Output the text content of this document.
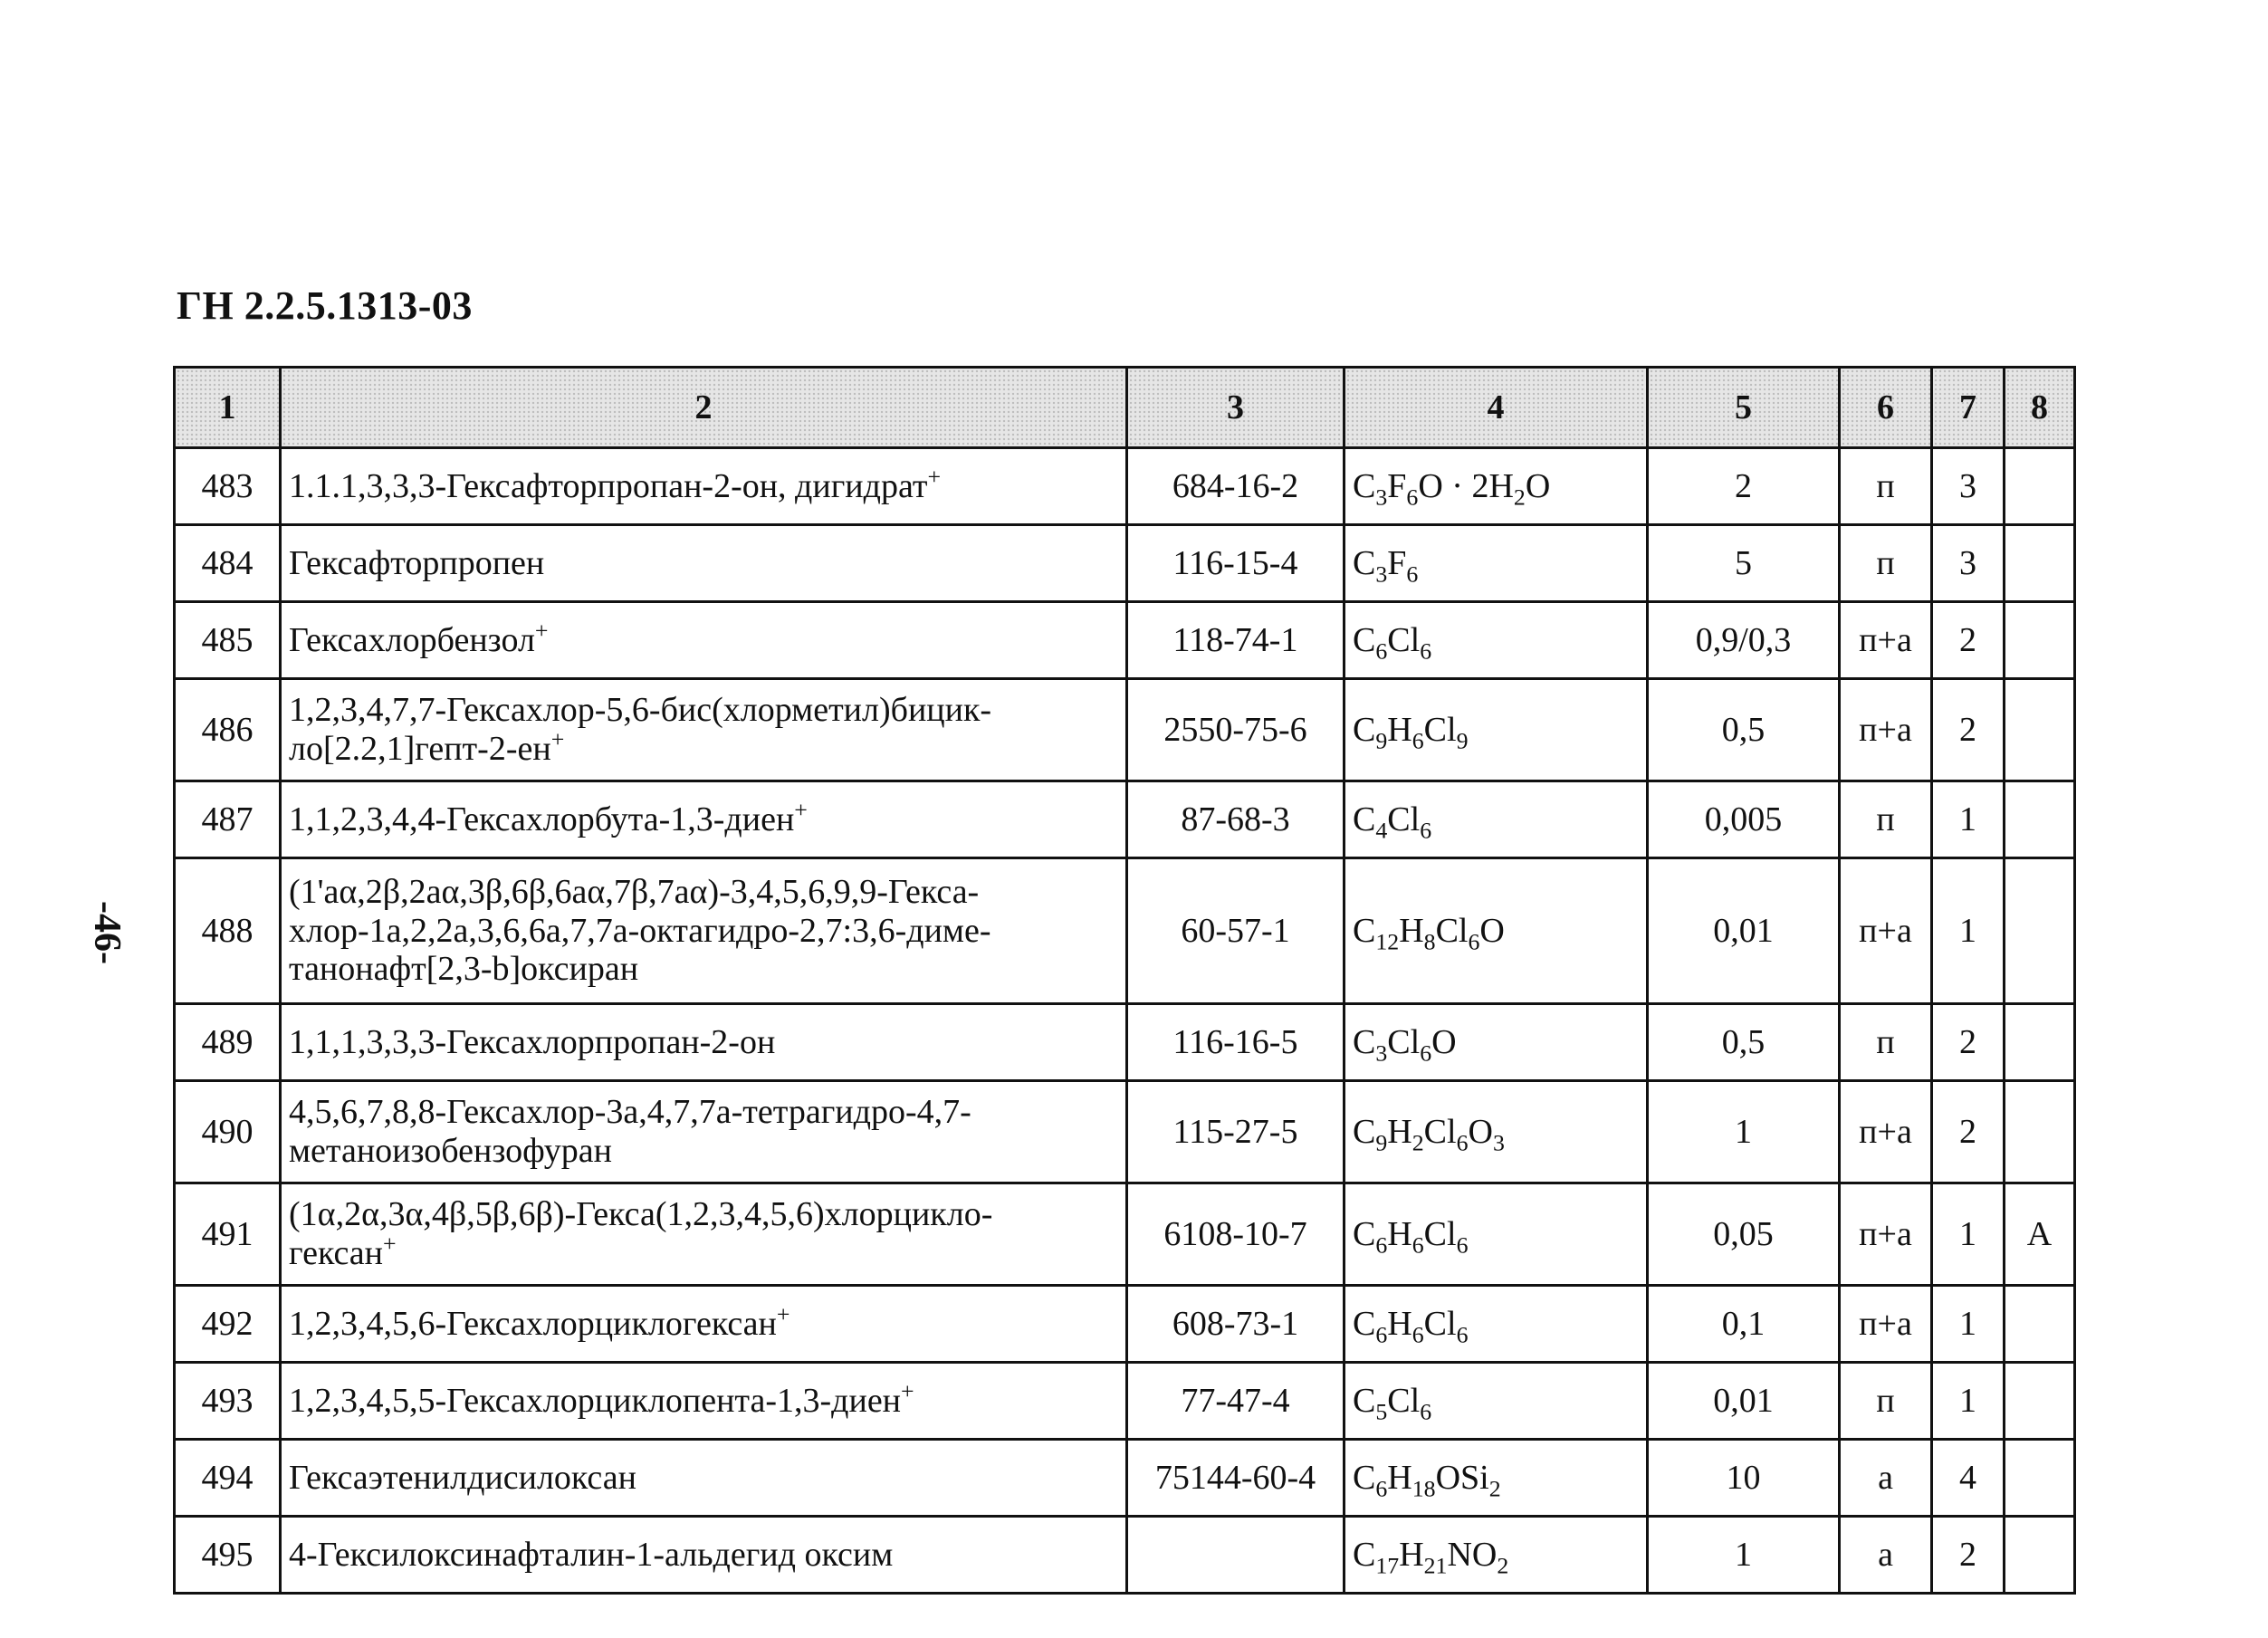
ГН 2.2.5.1313-03
-46-
1	2	3	4	5	6	7	8
483	1.1.1,3,3,3-Гексафторпропан-2-он, дигидрат+	684-16-2	$C_3F_6O \cdot 2H_2O$	2	п	3	
484	Гексафторпропен	116-15-4	$C_3F_6$	5	п	3	
485	Гексахлорбензол+	118-74-1	$C_6Cl_6$	0,9/0,3	п+а	2	
486	1,2,3,4,7,7-Гексахлор-5,6-бис(хлорметил)бицик-
ло[2.2,1]гепт-2-ен+	2550-75-6	$C_9H_6Cl_9$	0,5	п+а	2	
487	1,1,2,3,4,4-Гексахлорбута-1,3-диен+	87-68-3	$C_4Cl_6$	0,005	п	1	
488	(1'аα,2β,2аα,3β,6β,6аα,7β,7аα)-3,4,5,6,9,9-Гекса-
хлор-1а,2,2а,3,6,6а,7,7а-октагидро-2,7:3,6-диме-
танонафт[2,3-b]оксиран	60-57-1	$C_{12}H_8Cl_6O$	0,01	п+а	1	
489	1,1,1,3,3,3-Гексахлорпропан-2-он	116-16-5	$C_3Cl_6O$	0,5	п	2	
490	4,5,6,7,8,8-Гексахлор-3а,4,7,7а-тетрагидро-4,7-
метаноизобензофуран	115-27-5	$C_9H_2Cl_6O_3$	1	п+а	2	
491	(1α,2α,3α,4β,5β,6β)-Гекса(1,2,3,4,5,6)хлорцикло-
гексан+	6108-10-7	$C_6H_6Cl_6$	0,05	п+а	1	А
492	1,2,3,4,5,6-Гексахлорциклогексан+	608-73-1	$C_6H_6Cl_6$	0,1	п+а	1	
493	1,2,3,4,5,5-Гексахлорциклопента-1,3-диен+	77-47-4	$C_5Cl_6$	0,01	п	1	
494	Гексаэтенилдисилоксан	75144-60-4	$C_6H_{18}OSi_2$	10	а	4	
495	4-Гексилоксинафталин-1-альдегид оксим		$C_{17}H_{21}NO_2$	1	а	2	
